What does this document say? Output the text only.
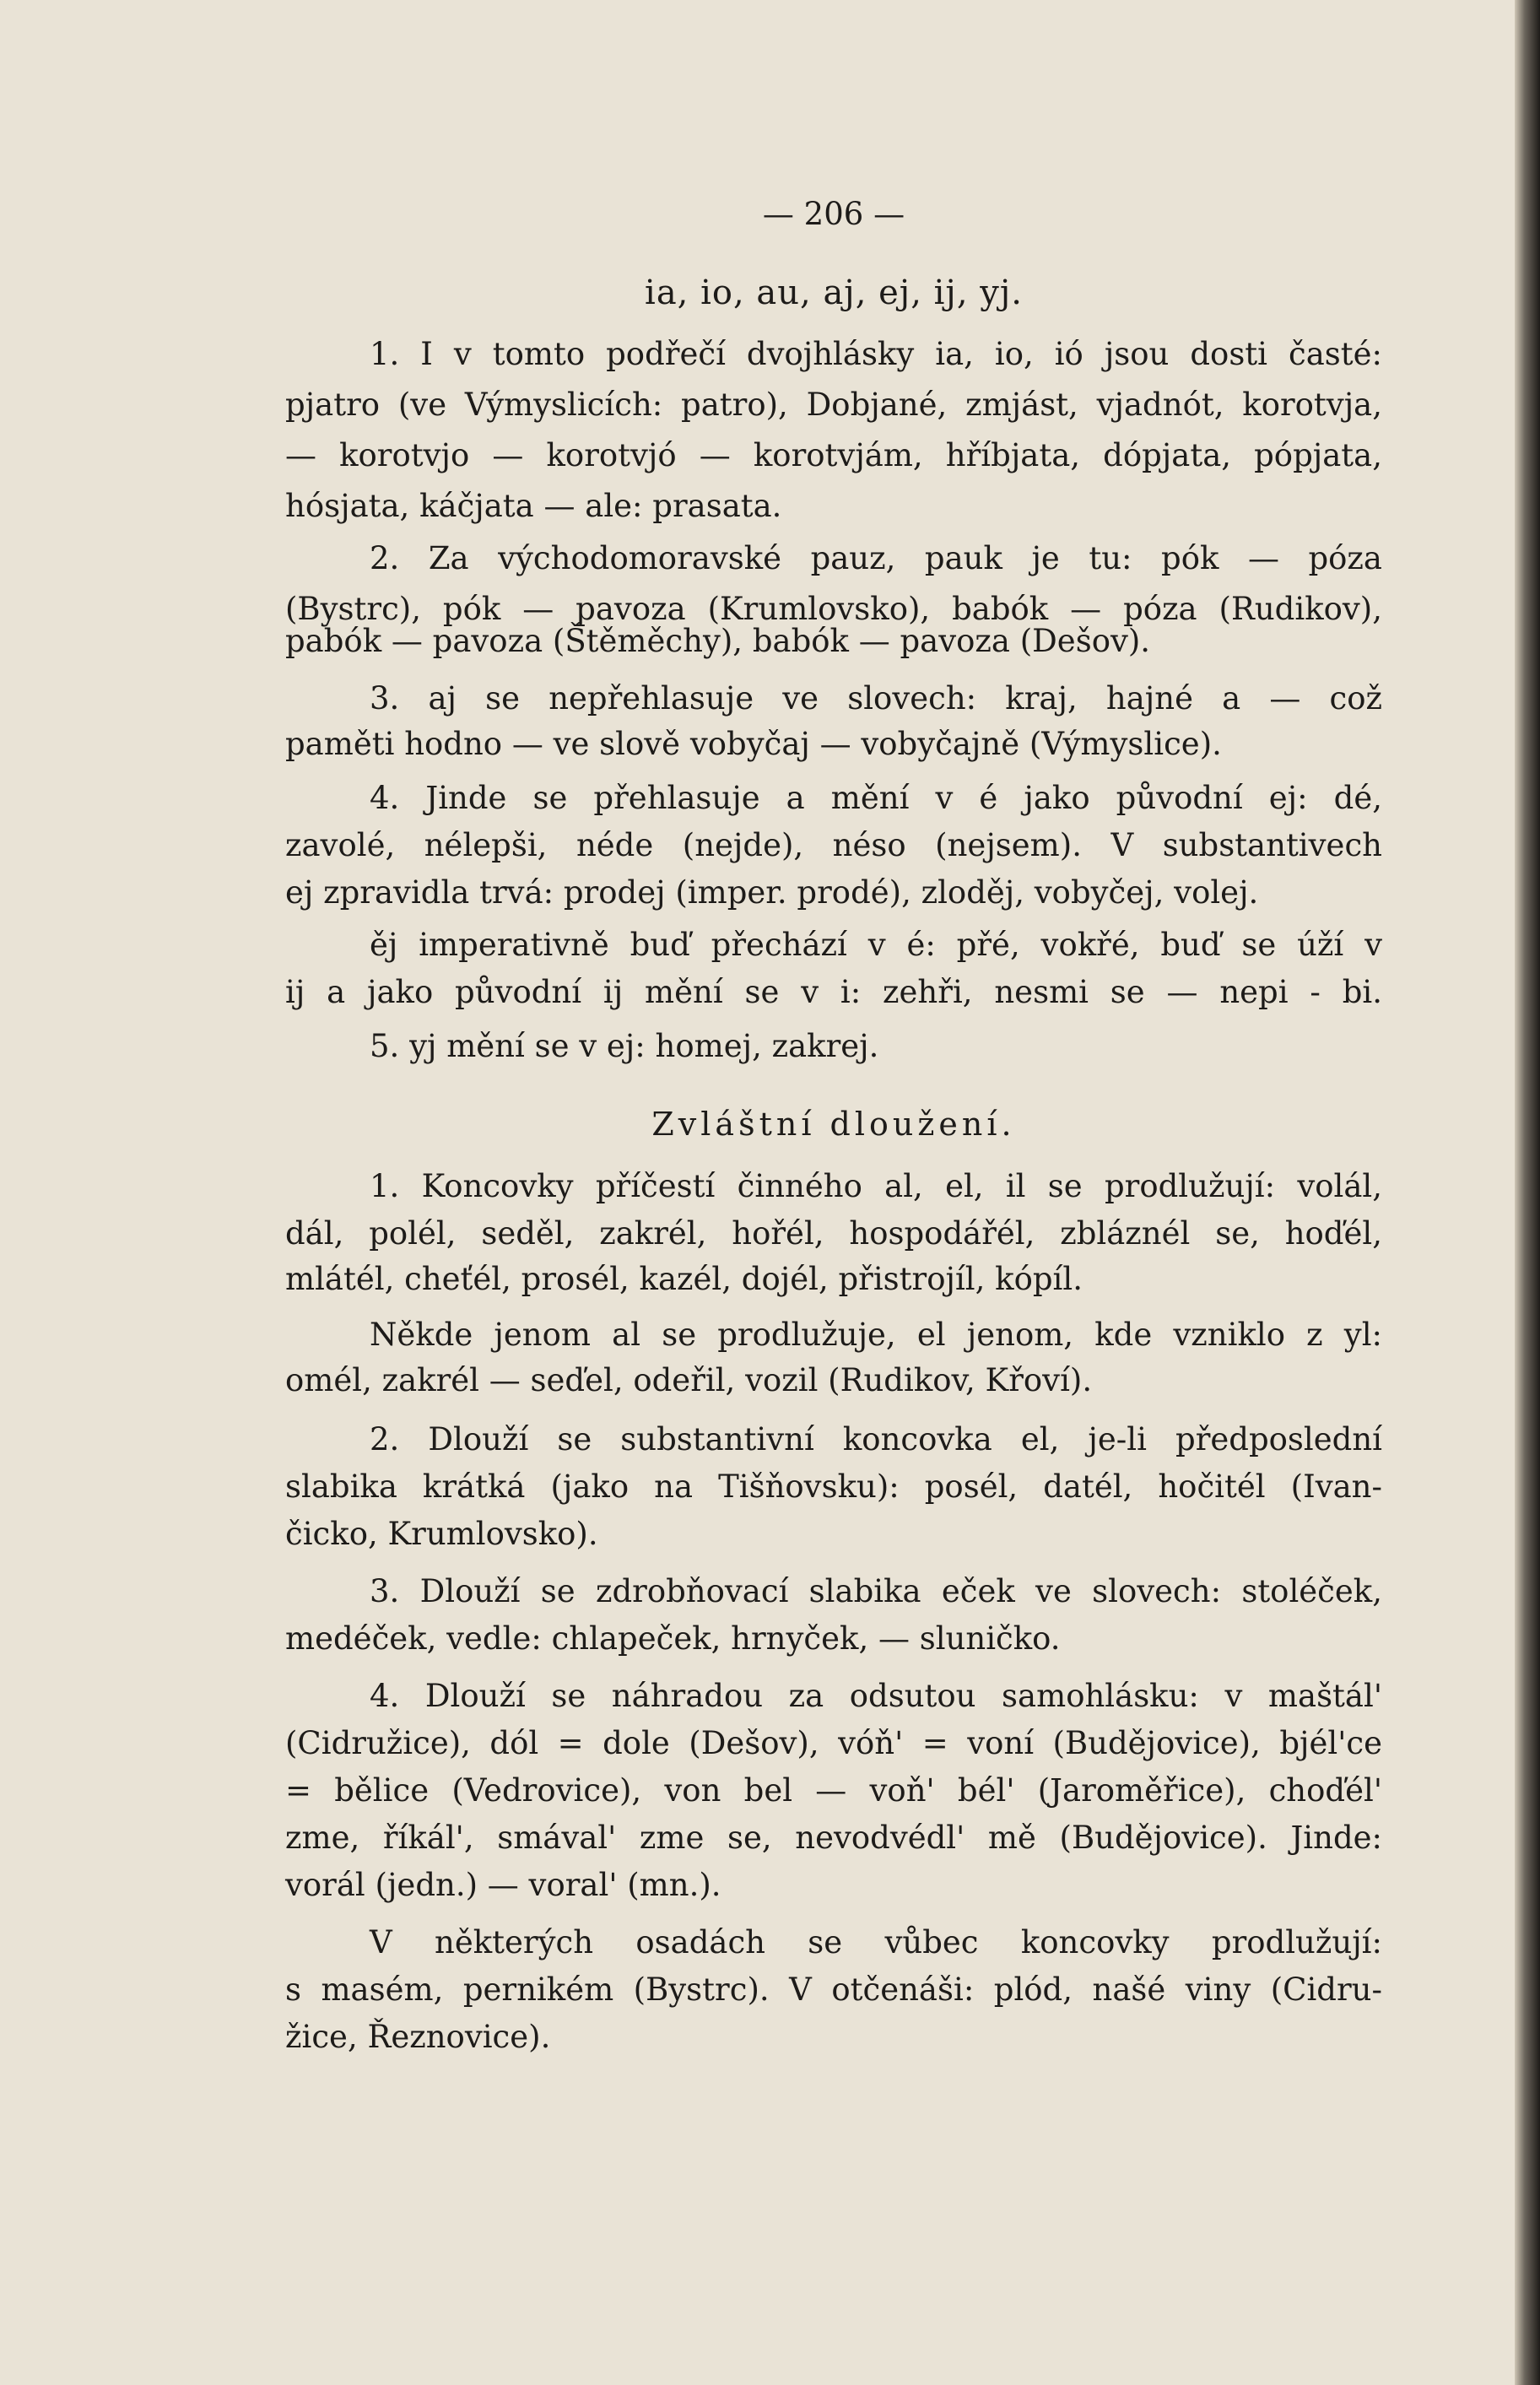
— 206 —
ia, io, au, aj, ej, ij, yj.
1. I v tomto podřečí dvojhlásky ia, io, ió jsou dosti časté:
pjatro (ve Výmyslicích: patro), Dobjané, zmjást, vjadnót, korotvja,
— korotvjo — korotvjó — korotvjám, hříbjata, dópjata, pópjata,
hósjata, káčjata — ale: prasata.
2. Za východomoravské pauz, pauk je tu: pók — póza
(Bystrc), pók — pavoza (Krumlovsko), babók — póza (Rudikov),
pabók — pavoza (Štěměchy), babók — pavoza (Dešov).
3. aj se nepřehlasuje ve slovech: kraj, hajné a — což
paměti hodno — ve slově vobyčaj — vobyčajně (Výmyslice).
4. Jinde se přehlasuje a mění v é jako původní ej: dé,
zavolé, nélepši, néde (nejde), néso (nejsem). V substantivech
ej zpravidla trvá: prodej (imper. prodé), zloděj, vobyčej, volej.
ěj imperativně buď přechází v é: přé, vokřé, buď se úží v
ij a jako původní ij mění se v i: zehři, nesmi se — nepi - bi.
5. yj mění se v ej: homej, zakrej.
Zvláštní dloužení.
1. Koncovky příčestí činného al, el, il se prodlužují: volál,
dál, polél, seděl, zakrél, hořél, hospodářél, zbláznél se, hoďél,
mlátél, cheťél, prosél, kazél, dojél, přistrojíl, kópíl.
Někde jenom al se prodlužuje, el jenom, kde vzniklo z yl:
omél, zakrél — seďel, odeřil, vozil (Rudikov, Křoví).
2. Dlouží se substantivní koncovka el, je-li předposlední
slabika krátká (jako na Tišňovsku): posél, datél, hočitél (Ivan-
čicko, Krumlovsko).
3. Dlouží se zdrobňovací slabika eček ve slovech: stoléček,
medéček, vedle: chlapeček, hrnyček, — sluničko.
4. Dlouží se náhradou za odsutou samohlásku: v maštál'
(Cidružice), dól = dole (Dešov), vóň' = voní (Budějovice), bjél'ce
= bělice (Vedrovice), von bel — voň' bél' (Jaroměřice), choďél'
zme, říkál', smával' zme se, nevodvédl' mě (Budějovice). Jinde:
vorál (jedn.) — voral' (mn.).
V některých osadách se vůbec koncovky prodlužují:
s masém, pernikém (Bystrc). V otčenáši: plód, našé viny (Cidru-
žice, Řeznovice).
